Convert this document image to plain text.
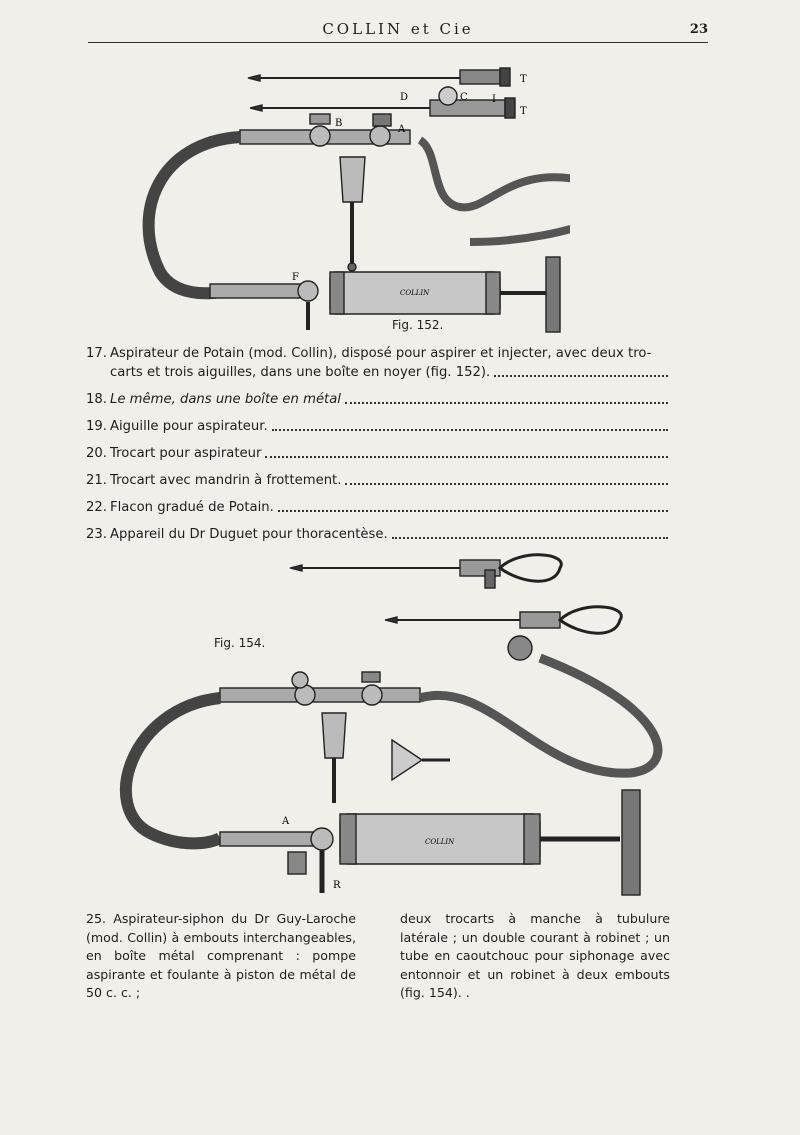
COLLIN et Cie	23
T
D	C I
T
B
A
F
COLLIN
Fig. 152.
17. Aspirateur de Potain (mod. Collin), disposé pour aspirer et injecter, avec deux tro-
carts et trois aiguilles, dans une boîte en noyer (fig. 152).
18. Le même, dans une boîte en métal
19. Aiguille pour aspirateur.
20. Trocart pour aspirateur
21. Trocart avec mandrin à frottement.
22. Flacon gradué de Potain.
23. Appareil du Dr Duguet pour thoracentèse.
Fig. 154.
A
R
COLLIN
25. Aspirateur-siphon du Dr Guy-Laroche (mod. Collin) à embouts interchangeables, en boîte métal comprenant : pompe aspirante et foulante à piston de métal de 50 c. c. ;
deux trocarts à manche à tubulure latérale ; un double courant à robinet ; un tube en caoutchouc pour siphonage avec entonnoir et un robinet à deux embouts (fig. 154). .
